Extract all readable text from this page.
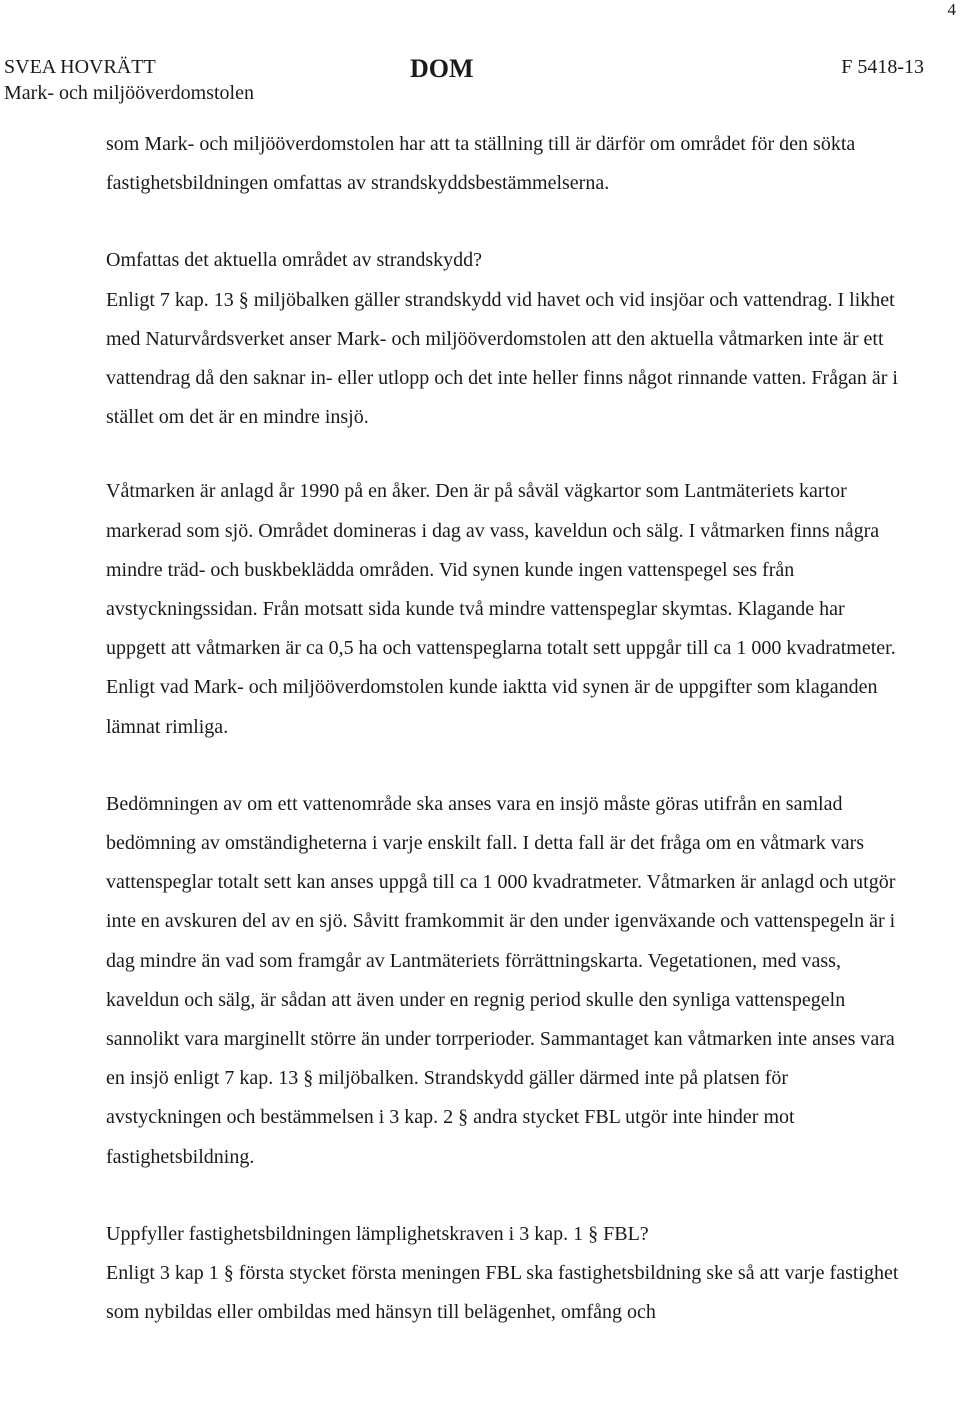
4
SVEA HOVRÄTT
Mark- och miljööverdomstolen
DOM	F 5418-13

som Mark- och miljööverdomstolen har att ta ställning till är därför om området för den sökta fastighetsbildningen omfattas av strandskyddsbestämmelserna.

Omfattas det aktuella området av strandskydd?

Enligt 7 kap. 13 § miljöbalken gäller strandskydd vid havet och vid insjöar och vattendrag. I likhet med Naturvårdsverket anser Mark- och miljööverdomstolen att den aktuella våtmarken inte är ett vattendrag då den saknar in- eller utlopp och det inte heller finns något rinnande vatten. Frågan är i stället om det är en mindre insjö.

Våtmarken är anlagd år 1990 på en åker. Den är på såväl vägkartor som Lantmäteriets kartor markerad som sjö. Området domineras i dag av vass, kaveldun och sälg. I våtmarken finns några mindre träd- och buskbeklädda områden. Vid synen kunde ingen vattenspegel ses från avstyckningssidan. Från motsatt sida kunde två mindre vattenspeglar skymtas. Klagande har uppgett att våtmarken är ca 0,5 ha och vattenspeglarna totalt sett uppgår till ca 1 000 kvadratmeter. Enligt vad Mark- och miljööverdomstolen kunde iaktta vid synen är de uppgifter som klaganden lämnat rimliga.

Bedömningen av om ett vattenområde ska anses vara en insjö måste göras utifrån en samlad bedömning av omständigheterna i varje enskilt fall. I detta fall är det fråga om en våtmark vars vattenspeglar totalt sett kan anses uppgå till ca 1 000 kvadratmeter. Våtmarken är anlagd och utgör inte en avskuren del av en sjö. Såvitt framkommit är den under igenväxande och vattenspegeln är i dag mindre än vad som framgår av Lantmäteriets förrättningskarta. Vegetationen, med vass, kaveldun och sälg, är sådan att även under en regnig period skulle den synliga vattenspegeln sannolikt vara marginellt större än under torrperioder. Sammantaget kan våtmarken inte anses vara en insjö enligt 7 kap. 13 § miljöbalken. Strandskydd gäller därmed inte på platsen för avstyckningen och bestämmelsen i 3 kap. 2 § andra stycket FBL utgör inte hinder mot fastighetsbildning.

Uppfyller fastighetsbildningen lämplighetskraven i 3 kap. 1 § FBL?

Enligt 3 kap 1 § första stycket första meningen FBL ska fastighetsbildning ske så att varje fastighet som nybildas eller ombildas med hänsyn till belägenhet, omfång och
